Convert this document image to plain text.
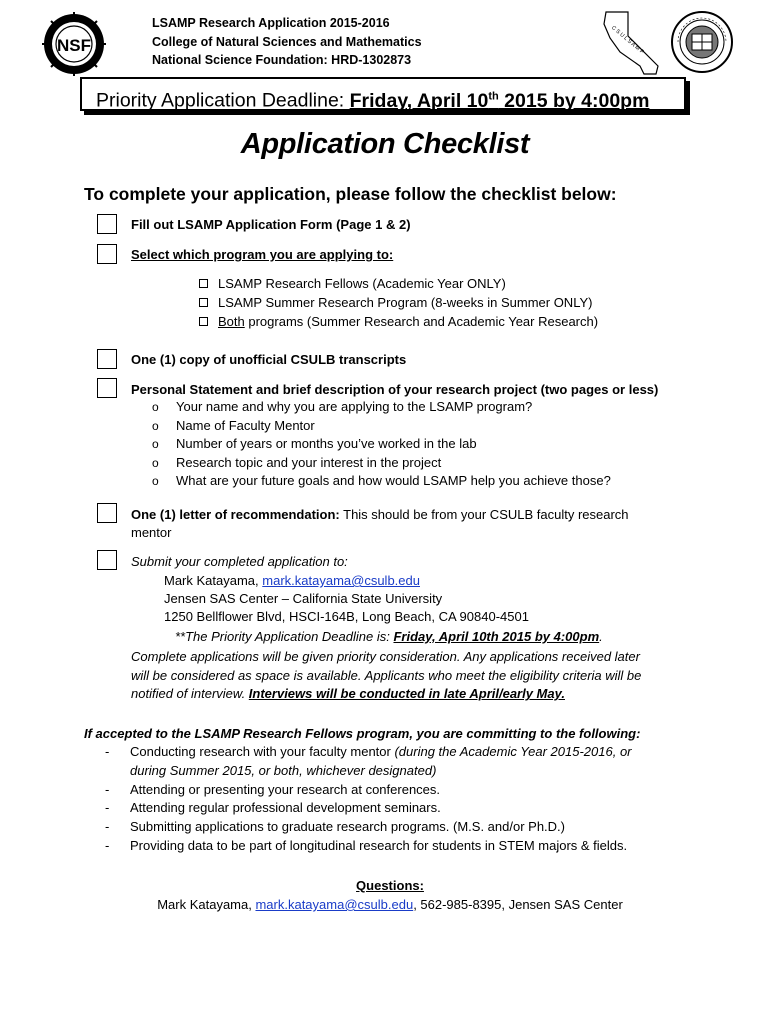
NSF
LSAMP Research Application 2015-2016
College of Natural Sciences and Mathematics
National Science Foundation: HRD-1302873
C S U L S A M P
Priority Application Deadline: Friday, April 10th 2015 by 4:00pm
Application Checklist
To complete your application, please follow the checklist below:
Fill out LSAMP Application Form (Page 1 & 2)
Select which program you are applying to:
LSAMP Research Fellows (Academic Year ONLY)
LSAMP Summer Research Program (8-weeks in Summer ONLY)
Both programs (Summer Research and Academic Year Research)
One (1) copy of unofficial CSULB transcripts
Personal Statement and brief description of your research project (two pages or less)
o Your name and why you are applying to the LSAMP program?
o Name of Faculty Mentor
o Number of years or months you’ve worked in the lab
o Research topic and your interest in the project
o What are your future goals and how would LSAMP help you achieve those?
One (1) letter of recommendation: This should be from your CSULB faculty research
mentor
Submit your completed application to:
Mark Katayama, mark.katayama@csulb.edu
Jensen SAS Center – California State University
1250 Bellflower Blvd, HSCI-164B, Long Beach, CA 90840-4501
**The Priority Application Deadline is: Friday, April 10th 2015 by 4:00pm.
Complete applications will be given priority consideration. Any applications received later
will be considered as space is available. Applicants who meet the eligibility criteria will be
notified of interview. Interviews will be conducted in late April/early May.
If accepted to the LSAMP Research Fellows program, you are committing to the following:
- Conducting research with your faculty mentor (during the Academic Year 2015-2016, or
during Summer 2015, or both, whichever designated)
- Attending or presenting your research at conferences.
- Attending regular professional development seminars.
- Submitting applications to graduate research programs. (M.S. and/or Ph.D.)
- Providing data to be part of longitudinal research for students in STEM majors & fields.
Questions:
Mark Katayama, mark.katayama@csulb.edu, 562-985-8395, Jensen SAS Center
